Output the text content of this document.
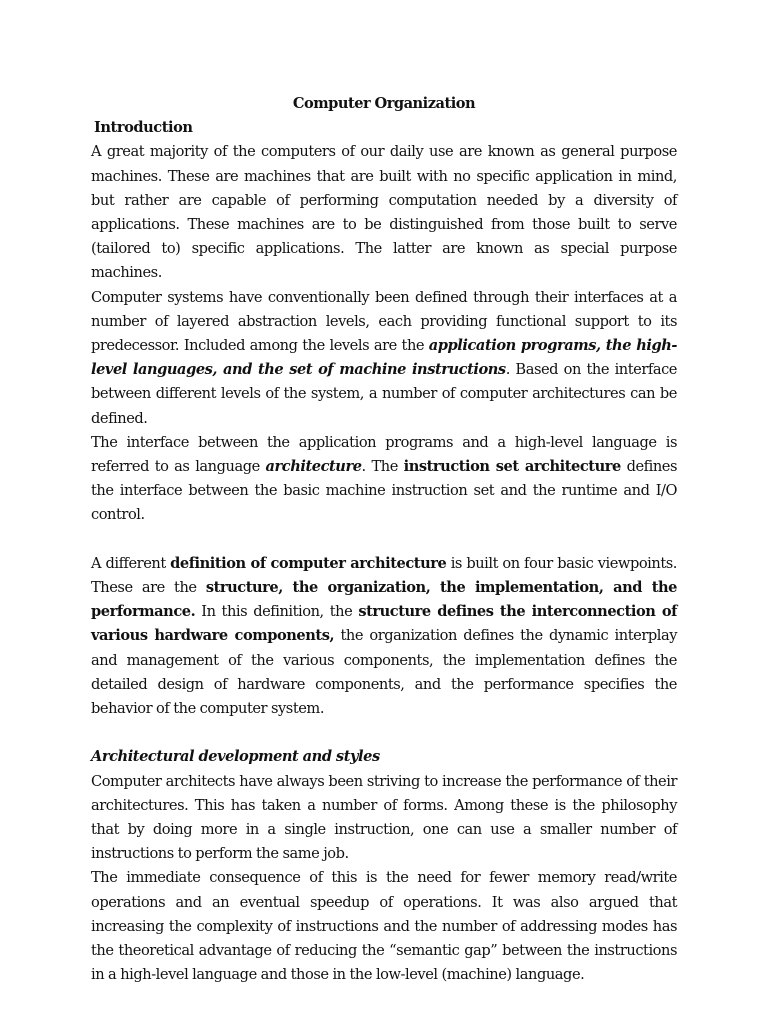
Computer Organization

Introduction

A great majority of the computers of our daily use are known as general purpose machines. These are machines that are built with no specific application in mind, but rather are capable of performing computation needed by a diversity of applications. These machines are to be distinguished from those built to serve (tailored to) specific applications. The latter are known as special purpose machines.

Computer systems have conventionally been defined through their interfaces at a number of layered abstraction levels, each providing functional support to its predecessor. Included among the levels are the application programs, the high-level languages, and the set of machine instructions. Based on the interface between different levels of the system, a number of computer architectures can be defined.

The interface between the application programs and a high-level language is referred to as language architecture. The instruction set architecture defines the interface between the basic machine instruction set and the runtime and I/O control.

A different definition of computer architecture is built on four basic viewpoints. These are the structure, the organization, the implementation, and the performance. In this definition, the structure defines the interconnection of various hardware components, the organization defines the dynamic interplay and management of the various components, the implementation defines the detailed design of hardware components, and the performance specifies the behavior of the computer system.

Architectural development and styles

Computer architects have always been striving to increase the performance of their architectures. This has taken a number of forms. Among these is the philosophy that by doing more in a single instruction, one can use a smaller number of instructions to perform the same job.

The immediate consequence of this is the need for fewer memory read/write operations and an eventual speedup of operations. It was also argued that increasing the complexity of instructions and the number of addressing modes has the theoretical advantage of reducing the “semantic gap” between the instructions in a high-level language and those in the low-level (machine) language.
